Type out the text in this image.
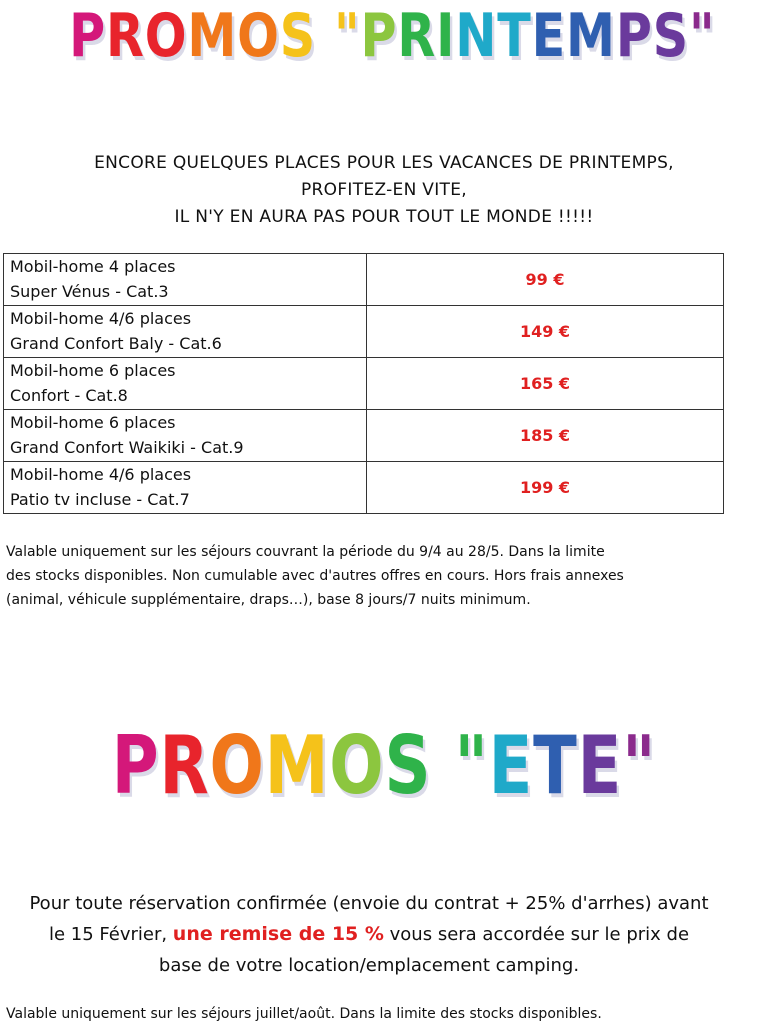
PROMOS "PRINTEMPS"
ENCORE QUELQUES PLACES POUR LES VACANCES DE PRINTEMPS,
PROFITEZ-EN VITE,
IL N'Y EN AURA PAS POUR TOUT LE MONDE !!!!!
Mobil-home 4 places
Super Vénus - Cat.3	99 €

Mobil-home 4/6 places
Grand Confort Baly - Cat.6	149 €

Mobil-home 6 places
Confort - Cat.8	165 €

Mobil-home 6 places
Grand Confort Waikiki - Cat.9	185 €

Mobil-home 4/6 places
Patio tv incluse - Cat.7	199 €
Valable uniquement sur les séjours couvrant la période du 9/4 au 28/5. Dans la limite
des stocks disponibles. Non cumulable avec d'autres offres en cours. Hors frais annexes
(animal, véhicule supplémentaire, draps…), base 8 jours/7 nuits minimum.
PROMOS "ETE"
Pour toute réservation confirmée (envoie du contrat + 25% d'arrhes) avant
le 15 Février, une remise de 15 % vous sera accordée sur le prix de
base de votre location/emplacement camping.
Valable uniquement sur les séjours juillet/août. Dans la limite des stocks disponibles.
